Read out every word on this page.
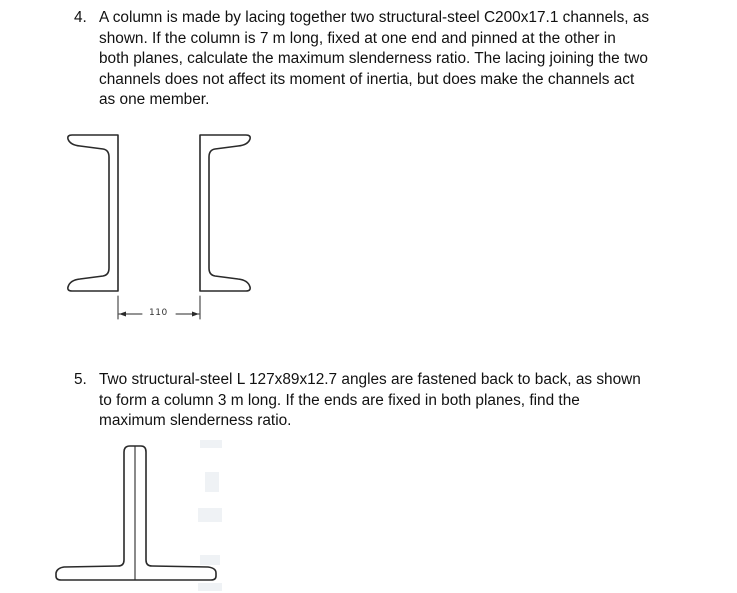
4. A column is made by lacing together two structural-steel C200x17.1 channels, as
shown. If the column is 7 m long, fixed at one end and pinned at the other in
both planes, calculate the maximum slenderness ratio. The lacing joining the two
channels does not affect its moment of inertia, but does make the channels act
as one member.
110
5. Two structural-steel L 127x89x12.7 angles are fastened back to back, as shown
to form a column 3 m long. If the ends are fixed in both planes, find the
maximum slenderness ratio.
